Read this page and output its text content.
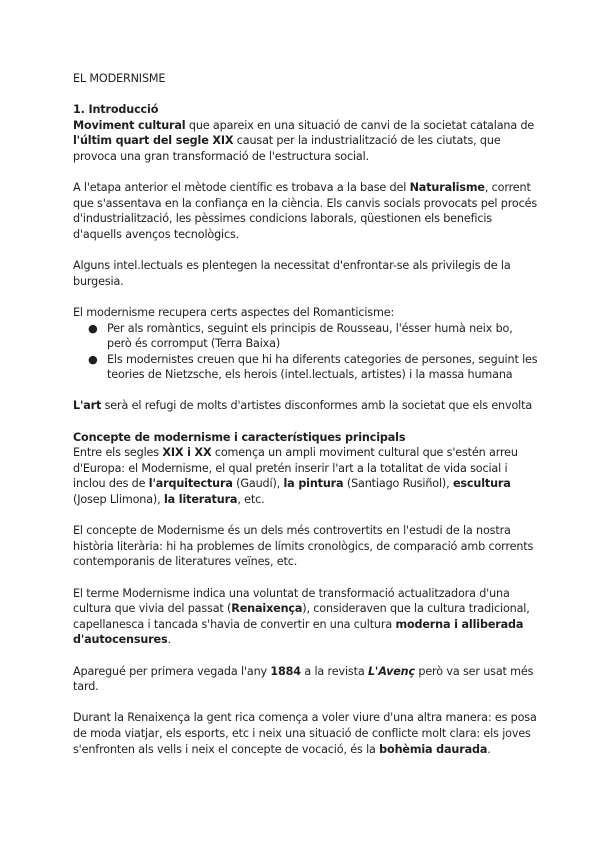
EL MODERNISME

1. Introducció

Moviment cultural que apareix en una situació de canvi de la societat catalana de l'últim quart del segle XIX causat per la industrialització de les ciutats, que provoca una gran transformació de l'estructura social.

A l'etapa anterior el mètode científic es trobava a la base del Naturalisme, corrent que s'assentava en la confiança en la ciència. Els canvis socials provocats pel procés d'industrialització, les pèssimes condicions laborals, qüestionen els beneficis d'aquells avenços tecnològics.

Alguns intel.lectuals es plentegen la necessitat d'enfrontar-se als privilegis de la burgesia.

El modernisme recupera certs aspectes del Romanticisme:

● Per als romàntics, seguint els principis de Rousseau, l'ésser humà neix bo, però és corromput (Terra Baixa)
● Els modernistes creuen que hi ha diferents categories de persones, seguint les teories de Nietzsche, els herois (intel.lectuals, artistes) i la massa humana

L'art serà el refugi de molts d'artistes disconformes amb la societat que els envolta

Concepte de modernisme i característiques principals

Entre els segles XIX i XX comença un ampli moviment cultural que s'estén arreu d'Europa: el Modernisme, el qual pretén inserir l'art a la totalitat de vida social i inclou des de l'arquitectura (Gaudí), la pintura (Santiago Rusiñol), escultura (Josep Llimona), la literatura, etc.

El concepte de Modernisme és un dels més controvertits en l'estudi de la nostra història literària: hi ha problemes de límits cronològics, de comparació amb corrents contemporanis de literatures veïnes, etc.

El terme Modernisme indica una voluntat de transformació actualitzadora d'una cultura que vivia del passat (Renaixença), consideraven que la cultura tradicional, capellanesca i tancada s'havia de convertir en una cultura moderna i alliberada d'autocensures.

Aparegué per primera vegada l'any 1884 a la revista L'Avenç però va ser usat més tard.

Durant la Renaixença la gent rica comença a voler viure d'una altra manera: es posa de moda viatjar, els esports, etc i neix una situació de conflicte molt clara: els joves s'enfronten als vells i neix el concepte de vocació, és la bohèmia daurada.
